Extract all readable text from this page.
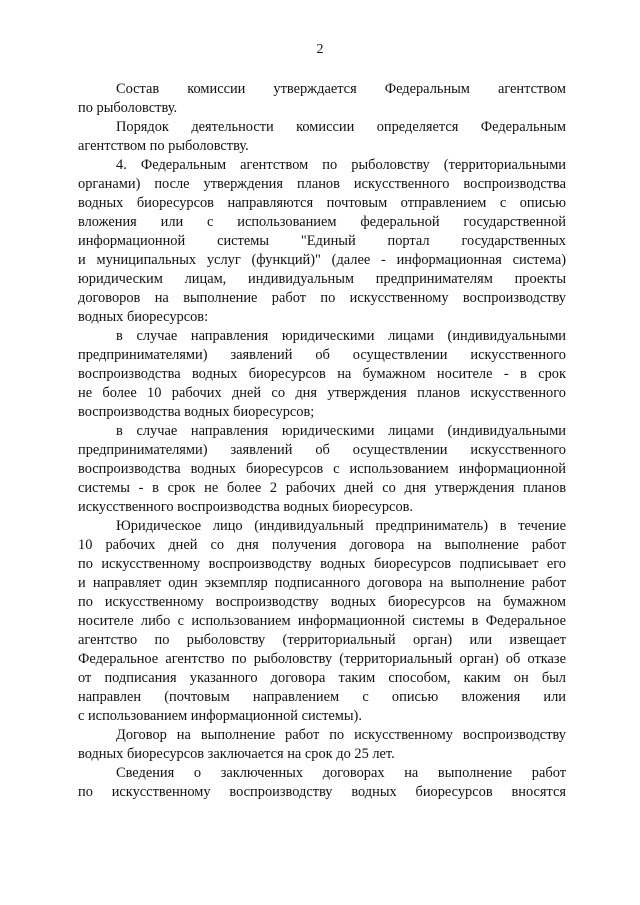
2
Состав комиссии утверждается Федеральным агентством
по рыболовству.
Порядок деятельности комиссии определяется Федеральным
агентством по рыболовству.
4. Федеральным агентством по рыболовству (территориальными
органами) после утверждения планов искусственного воспроизводства
водных биоресурсов направляются почтовым отправлением с описью
вложения или с использованием федеральной государственной
информационной системы "Единый портал государственных
и муниципальных услуг (функций)" (далее - информационная система)
юридическим лицам, индивидуальным предпринимателям проекты
договоров на выполнение работ по искусственному воспроизводству
водных биоресурсов:
в случае направления юридическими лицами (индивидуальными
предпринимателями) заявлений об осуществлении искусственного
воспроизводства водных биоресурсов на бумажном носителе - в срок
не более 10 рабочих дней со дня утверждения планов искусственного
воспроизводства водных биоресурсов;
в случае направления юридическими лицами (индивидуальными
предпринимателями) заявлений об осуществлении искусственного
воспроизводства водных биоресурсов с использованием информационной
системы - в срок не более 2 рабочих дней со дня утверждения планов
искусственного воспроизводства водных биоресурсов.
Юридическое лицо (индивидуальный предприниматель) в течение
10 рабочих дней со дня получения договора на выполнение работ
по искусственному воспроизводству водных биоресурсов подписывает его
и направляет один экземпляр подписанного договора на выполнение работ
по искусственному воспроизводству водных биоресурсов на бумажном
носителе либо с использованием информационной системы в Федеральное
агентство по рыболовству (территориальный орган) или извещает
Федеральное агентство по рыболовству (территориальный орган) об отказе
от подписания указанного договора таким способом, каким он был
направлен (почтовым направлением с описью вложения или
с использованием информационной системы).
Договор на выполнение работ по искусственному воспроизводству
водных биоресурсов заключается на срок до 25 лет.
Сведения о заключенных договорах на выполнение работ
по искусственному воспроизводству водных биоресурсов вносятся
